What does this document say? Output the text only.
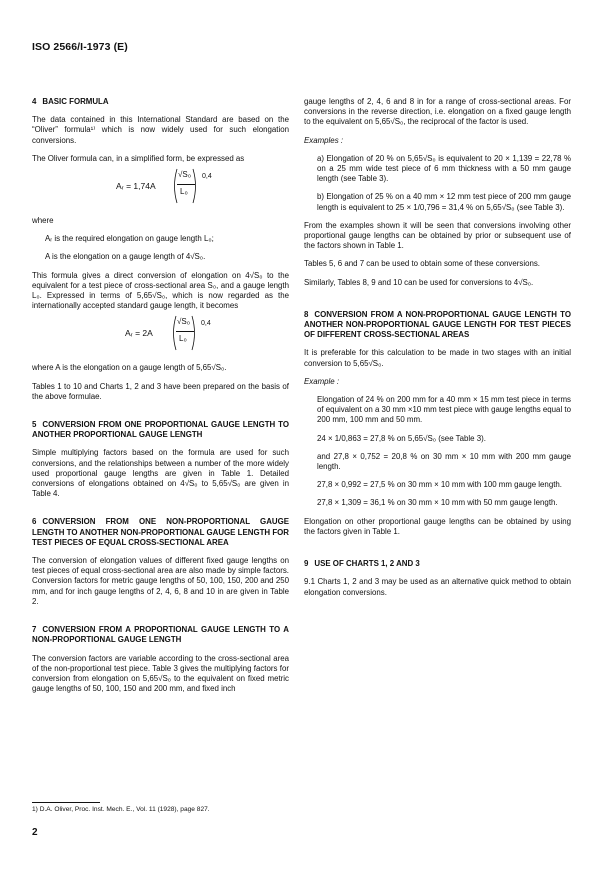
ISO 2566/I-1973 (E)
4 BASIC FORMULA

The data contained in this International Standard are based on the “Oliver” formula¹⁾ which is now widely used for such elongation conversions.

The Oliver formula can, in a simplified form, be expressed as

Aᵣ = 1,74A
√S₀
L₀
0,4

where

Aᵣ is the required elongation on gauge length L₀;

A is the elongation on a gauge length of 4√S₀.

This formula gives a direct conversion of elongation on 4√S₀ to the equivalent for a test piece of cross-sectional area S₀, and a gauge length L₀. Expressed in terms of 5,65√S₀, which is now regarded as the internationally accepted standard gauge length, it becomes

Aᵣ = 2A
√S₀
L₀
0,4

where A is the elongation on a gauge length of 5,65√S₀.

Tables 1 to 10 and Charts 1, 2 and 3 have been prepared on the basis of the above formulae.

5 CONVERSION FROM ONE PROPORTIONAL GAUGE LENGTH TO ANOTHER PROPORTIONAL GAUGE LENGTH

Simple multiplying factors based on the formula are used for such conversions, and the relationships between a number of the more widely used proportional gauge lengths are given in Table 1. Detailed conversions of elongations obtained on 4√S₀ to 5,65√S₀ are given in Table 4.

6 CONVERSION FROM ONE NON-PROPORTIONAL GAUGE LENGTH TO ANOTHER NON-PROPORTIONAL GAUGE LENGTH FOR TEST PIECES OF EQUAL CROSS-SECTIONAL AREA

The conversion of elongation values of different fixed gauge lengths on test pieces of equal cross-sectional area are also made by simple factors. Conversion factors for metric gauge lengths of 50, 100, 150, 200 and 250 mm, and for inch gauge lengths of 2, 4, 6, 8 and 10 in are given in Table 2.

7 CONVERSION FROM A PROPORTIONAL GAUGE LENGTH TO A NON-PROPORTIONAL GAUGE LENGTH

The conversion factors are variable according to the cross-sectional area of the non-proportional test piece. Table 3 gives the multiplying factors for conversion from elongation on 5,65√S₀ to the equivalent on fixed metric gauge lengths of 50, 100, 150 and 200 mm, and fixed inch

gauge lengths of 2, 4, 6 and 8 in for a range of cross-sectional areas. For conversions in the reverse direction, i.e. elongation on a fixed gauge length to the equivalent on 5,65√S₀, the reciprocal of the factor is used.

Examples :

a) Elongation of 20 % on 5,65√S₀ is equivalent to 20 × 1,139 = 22,78 % on a 25 mm wide test piece of 6 mm thickness with a 50 mm gauge length (see Table 3).

b) Elongation of 25 % on a 40 mm × 12 mm test piece of 200 mm gauge length is equivalent to 25 × 1/0,796 = 31,4 % on 5,65√S₀ (see Table 3).

From the examples shown it will be seen that conversions involving other proportional gauge lengths can be obtained by prior or subsequent use of the factors shown in Table 1.

Tables 5, 6 and 7 can be used to obtain some of these conversions.

Similarly, Tables 8, 9 and 10 can be used for conversions to 4√S₀.

8 CONVERSION FROM A NON-PROPORTIONAL GAUGE LENGTH TO ANOTHER NON-PROPORTIONAL GAUGE LENGTH FOR TEST PIECES OF DIFFERENT CROSS-SECTIONAL AREAS

It is preferable for this calculation to be made in two stages with an initial conversion to 5,65√S₀.

Example :

Elongation of 24 % on 200 mm for a 40 mm × 15 mm test piece in terms of equivalent on a 30 mm ×10 mm test piece with gauge lengths equal to 200 mm, 100 mm and 50 mm.

24 × 1/0,863 = 27,8 % on 5,65√S₀ (see Table 3).

and 27,8 × 0,752 = 20,8 % on 30 mm × 10 mm with 200 mm gauge length.

27,8 × 0,992 = 27,5 % on 30 mm × 10 mm with 100 mm gauge length.

27,8 × 1,309 = 36,1 % on 30 mm × 10 mm with 50 mm gauge length.

Elongation on other proportional gauge lengths can be obtained by using the factors given in Table 1.

9 USE OF CHARTS 1, 2 AND 3

9.1 Charts 1, 2 and 3 may be used as an alternative quick method to obtain elongation conversions.

1) D.A. Oliver, Proc. Inst. Mech. E., Vol. 11 (1928), page 827.
2
